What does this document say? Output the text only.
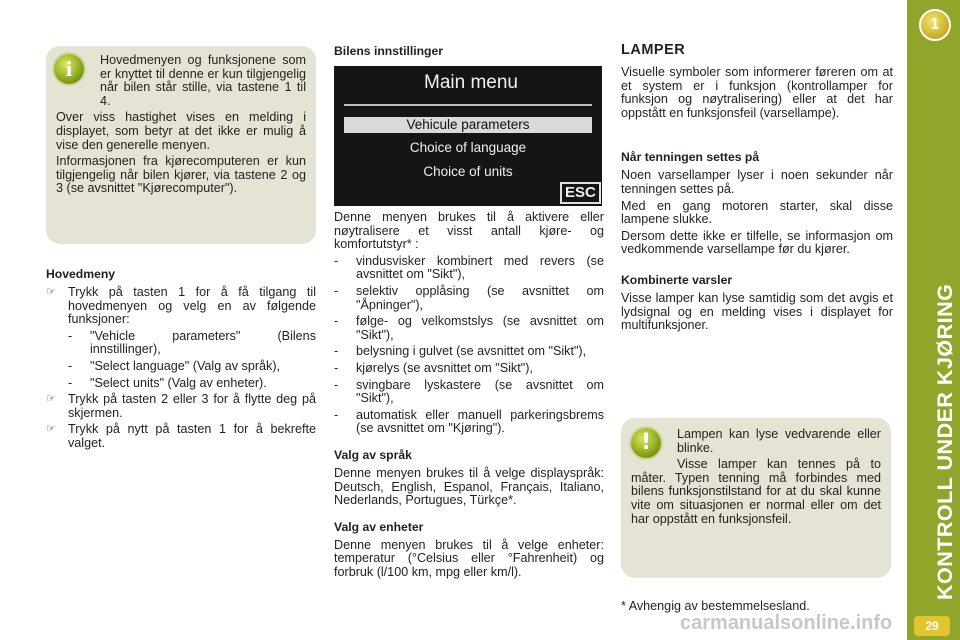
i	Hovedmenyen og funksjonene som er knyttet til denne er kun tilgjengelig når bilen står stille, via tastene 1 til 4.

Over viss hastighet vises en melding i displayet, som betyr at det ikke er mulig å vise den generelle menyen.

Informasjonen fra kjørecomputeren er kun tilgjengelig når bilen kjører, via tastene 2 og 3 (se avsnittet "Kjørecomputer").

Hovedmeny

☞ Trykk på tasten 1 for å få tilgang til hovedmenyen og velg en av følgende funksjoner:
- "Vehicle parameters" (Bilens innstillinger),
- "Select language" (Valg av språk),
- "Select units" (Valg av enheter).
☞ Trykk på tasten 2 eller 3 for å flytte deg på skjermen.
☞ Trykk på nytt på tasten 1 for å bekrefte valget.

Bilens innstillinger

Main menu
Vehicule parameters
Choice of language
Choice of units
ESC

Denne menyen brukes til å aktivere eller nøytralisere et visst antall kjøre- og komfortutstyr* :

- vindusvisker kombinert med revers (se avsnittet om "Sikt"),
- selektiv opplåsing (se avsnittet om "Åpninger"),
- følge- og velkomstslys (se avsnittet om "Sikt"),
- belysning i gulvet (se avsnittet om "Sikt"),
- kjørelys (se avsnittet om "Sikt"),
- svingbare lyskastere (se avsnittet om "Sikt"),
- automatisk eller manuell parkeringsbrems (se avsnittet om "Kjøring").

Valg av språk

Denne menyen brukes til å velge displayspråk: Deutsch, English, Espanol, Français, Italiano, Nederlands, Portugues, Türkçe*.

Valg av enheter

Denne menyen brukes til å velge enheter: temperatur (°Celsius eller °Fahrenheit) og forbruk (l/100 km, mpg eller km/l).

LAMPER

Visuelle symboler som informerer føreren om at et system er i funksjon (kontrollamper for funksjon og nøytralisering) eller at det har oppstått en funksjonsfeil (varsellampe).

Når tenningen settes på

Noen varsellamper lyser i noen sekunder når tenningen settes på.

Med en gang motoren starter, skal disse lampene slukke.

Dersom dette ikke er tilfelle, se informasjon om vedkommende varsellampe før du kjører.

Kombinerte varsler

Visse lamper kan lyse samtidig som det avgis et lydsignal og en melding vises i displayet for multifunksjoner.

!	Lampen kan lyse vedvarende eller blinke.

Visse lamper kan tennes på to måter. Typen tenning må forbindes med bilens funksjonstilstand for at du skal kunne vite om situasjonen er normal eller om det har oppstått en funksjonsfeil.

* Avhengig av bestemmelsesland.

1
KONTROLL UNDER KJØRING
29
carmanualsonline.info
